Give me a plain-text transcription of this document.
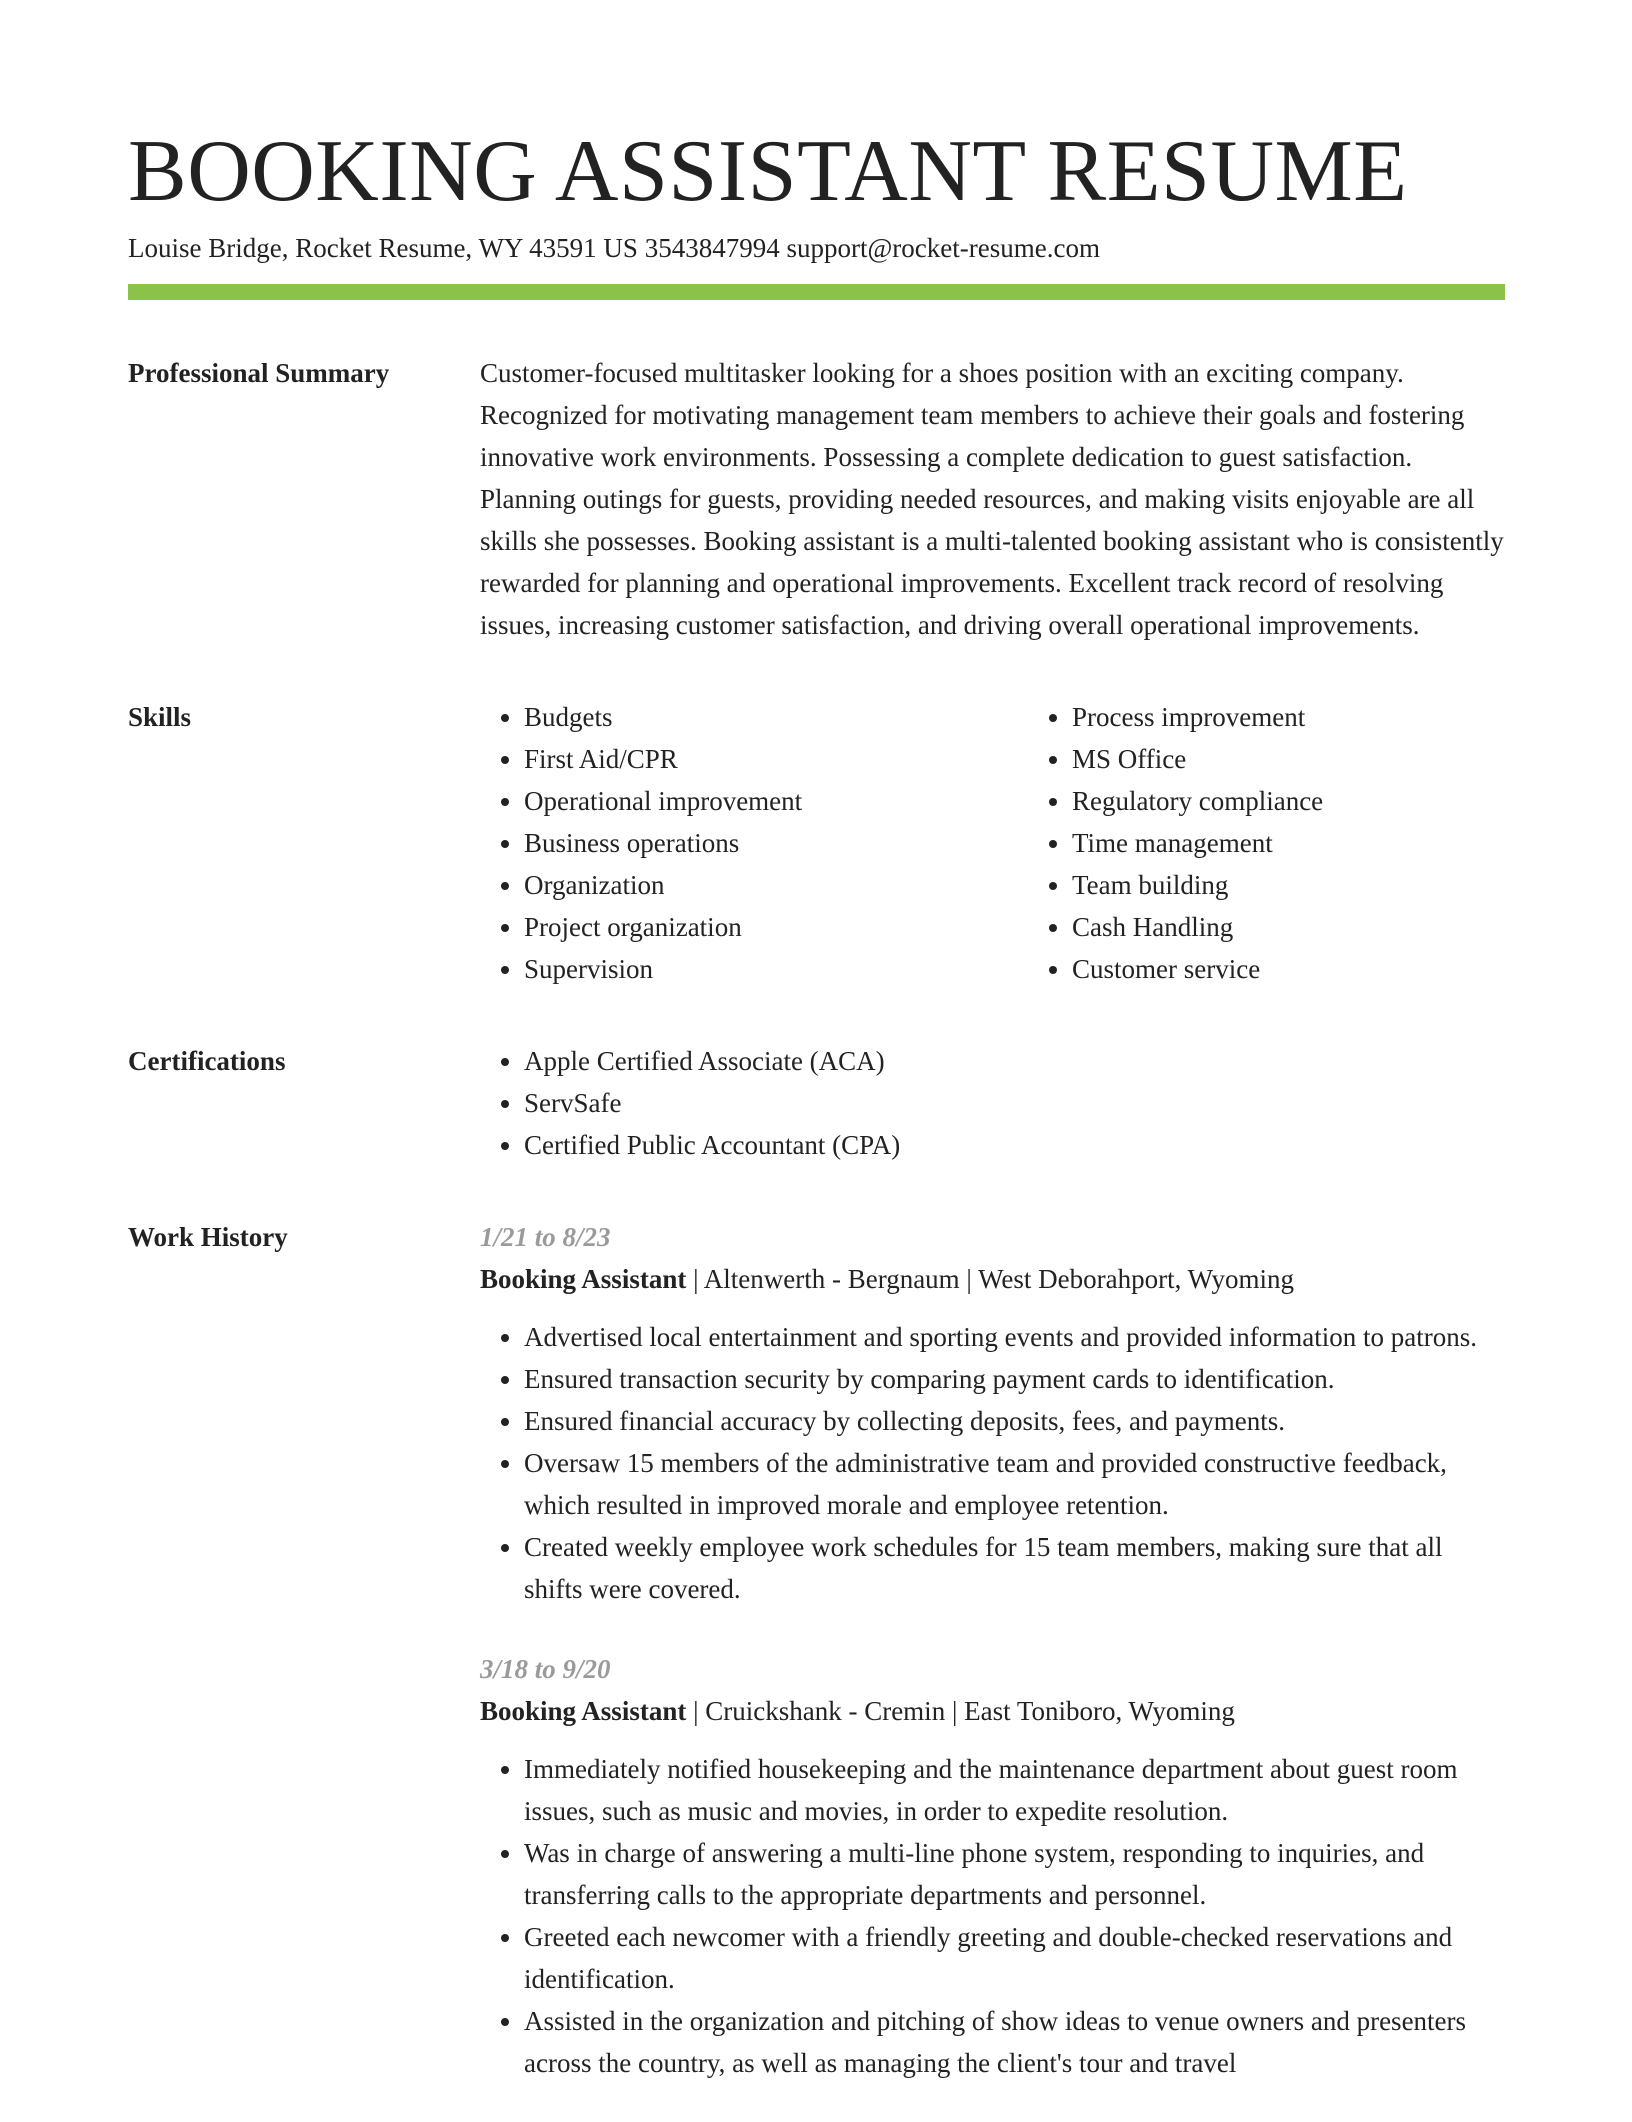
BOOKING ASSISTANT RESUME
Louise Bridge, Rocket Resume, WY 43591 US 3543847994 support@rocket-resume.com
Professional Summary	Customer-focused multitasker looking for a shoes position with an exciting company. Recognized for motivating management team members to achieve their goals and fostering innovative work environments. Possessing a complete dedication to guest satisfaction. Planning outings for guests, providing needed resources, and making visits enjoyable are all skills she possesses. Booking assistant is a multi-talented booking assistant who is consistently rewarded for planning and operational improvements. Excellent track record of resolving issues, increasing customer satisfaction, and driving overall operational improvements.

Skills	• Budgets
• First Aid/CPR
• Operational improvement
• Business operations
• Organization
• Project organization
• Supervision
• Process improvement
• MS Office
• Regulatory compliance
• Time management
• Team building
• Cash Handling
• Customer service
Certifications	• Apple Certified Associate (ACA)
• ServSafe
• Certified Public Accountant (CPA)
Work History	1/21 to 8/23
Booking Assistant | Altenwerth - Bergnaum | West Deborahport, Wyoming
• Advertised local entertainment and sporting events and provided information to patrons.
• Ensured transaction security by comparing payment cards to identification.
• Ensured financial accuracy by collecting deposits, fees, and payments.
• Oversaw 15 members of the administrative team and provided constructive feedback, which resulted in improved morale and employee retention.
• Created weekly employee work schedules for 15 team members, making sure that all shifts were covered.
3/18 to 9/20
Booking Assistant | Cruickshank - Cremin | East Toniboro, Wyoming
• Immediately notified housekeeping and the maintenance department about guest room issues, such as music and movies, in order to expedite resolution.
• Was in charge of answering a multi-line phone system, responding to inquiries, and transferring calls to the appropriate departments and personnel.
• Greeted each newcomer with a friendly greeting and double-checked reservations and identification.
• Assisted in the organization and pitching of show ideas to venue owners and presenters across the country, as well as managing the client's tour and travel
